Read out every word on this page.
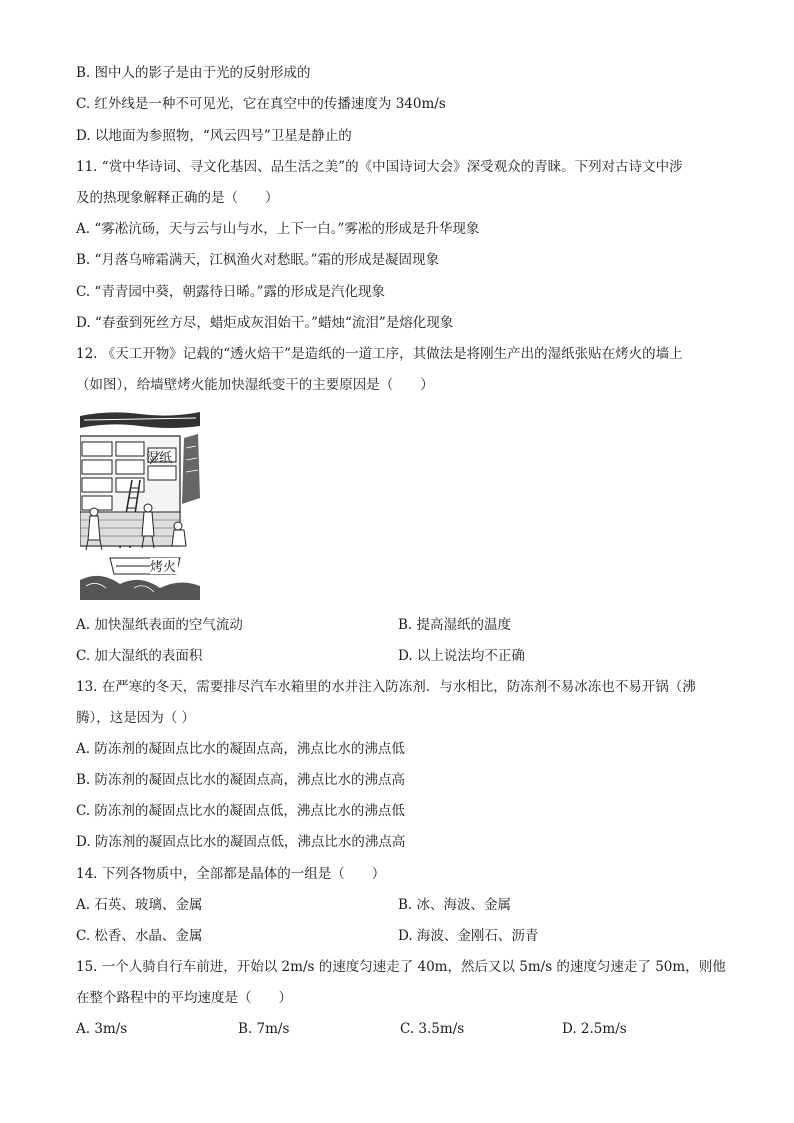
B. 图中人的影子是由于光的反射形成的
C. 红外线是一种不可见光，它在真空中的传播速度为 340m/s
D. 以地面为参照物，“风云四号”卫星是静止的
11. “赏中华诗词、寻文化基因、品生活之美”的《中国诗词大会》深受观众的青睐。下列对古诗文中涉
及的热现象解释正确的是（　　）
A. “雾凇沆砀，天与云与山与水，上下一白。”雾凇的形成是升华现象
B. “月落乌啼霜满天，江枫渔火对愁眠。”霜的形成是凝固现象
C. “青青园中葵，朝露待日晞。”露的形成是汽化现象
D. “春蚕到死丝方尽，蜡炬成灰泪始干。”蜡烛“流泪”是熔化现象
12. 《天工开物》记载的“透火焙干”是造纸的一道工序，其做法是将刚生产出的湿纸张贴在烤火的墙上
（如图），给墙壁烤火能加快湿纸变干的主要原因是（　　）
湿纸
烤火
A. 加快湿纸表面的空气流动	B. 提高湿纸的温度
C. 加大湿纸的表面积	D. 以上说法均不正确
13. 在严寒的冬天，需要排尽汽车水箱里的水并注入防冻剂．与水相比，防冻剂不易冰冻也不易开锅（沸
腾），这是因为（ ）
A. 防冻剂的凝固点比水的凝固点高，沸点比水的沸点低
B. 防冻剂的凝固点比水的凝固点高，沸点比水的沸点高
C. 防冻剂的凝固点比水的凝固点低，沸点比水的沸点低
D. 防冻剂的凝固点比水的凝固点低，沸点比水的沸点高
14. 下列各物质中，全部都是晶体的一组是（　　）
A. 石英、玻璃、金属	B. 冰、海波、金属
C. 松香、水晶、金属	D. 海波、金刚石、沥青
15. 一个人骑自行车前进，开始以 2m/s 的速度匀速走了 40m，然后又以 5m/s 的速度匀速走了 50m，则他
在整个路程中的平均速度是（　　）
A. 3m/s	B. 7m/s	C. 3.5m/s	D. 2.5m/s
